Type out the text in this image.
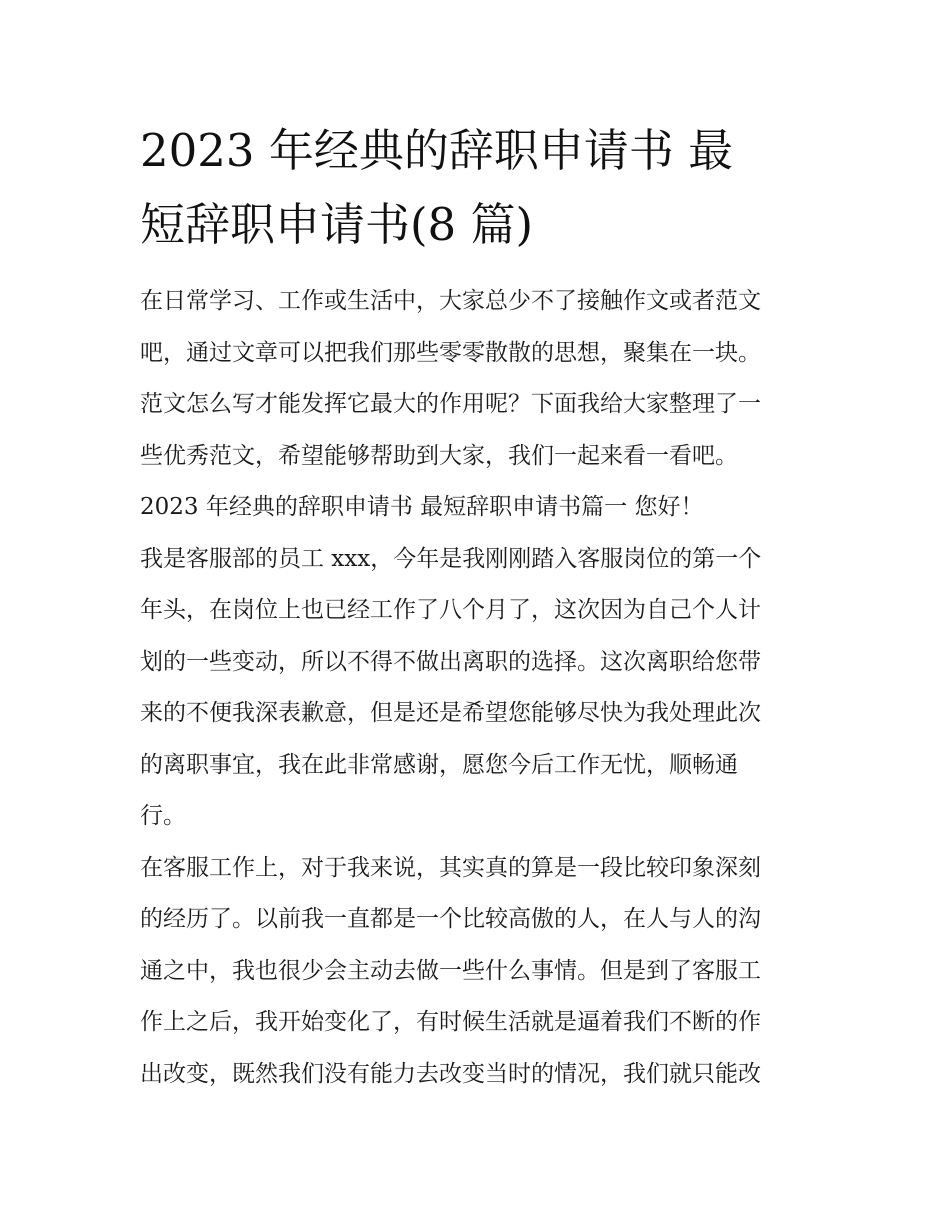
2023 年经典的辞职申请书 最
短辞职申请书(8 篇)
在日常学习、工作或生活中，大家总少不了接触作文或者范文
吧，通过文章可以把我们那些零零散散的思想，聚集在一块。
范文怎么写才能发挥它最大的作用呢？下面我给大家整理了一
些优秀范文，希望能够帮助到大家，我们一起来看一看吧。
2023 年经典的辞职申请书 最短辞职申请书篇一 您好！
我是客服部的员工 xxx，今年是我刚刚踏入客服岗位的第一个
年头，在岗位上也已经工作了八个月了，这次因为自己个人计
划的一些变动，所以不得不做出离职的选择。这次离职给您带
来的不便我深表歉意，但是还是希望您能够尽快为我处理此次
的离职事宜，我在此非常感谢，愿您今后工作无忧，顺畅通
行。
在客服工作上，对于我来说，其实真的算是一段比较印象深刻
的经历了。以前我一直都是一个比较高傲的人，在人与人的沟
通之中，我也很少会主动去做一些什么事情。但是到了客服工
作上之后，我开始变化了，有时候生活就是逼着我们不断的作
出改变，既然我们没有能力去改变当时的情况，我们就只能改
